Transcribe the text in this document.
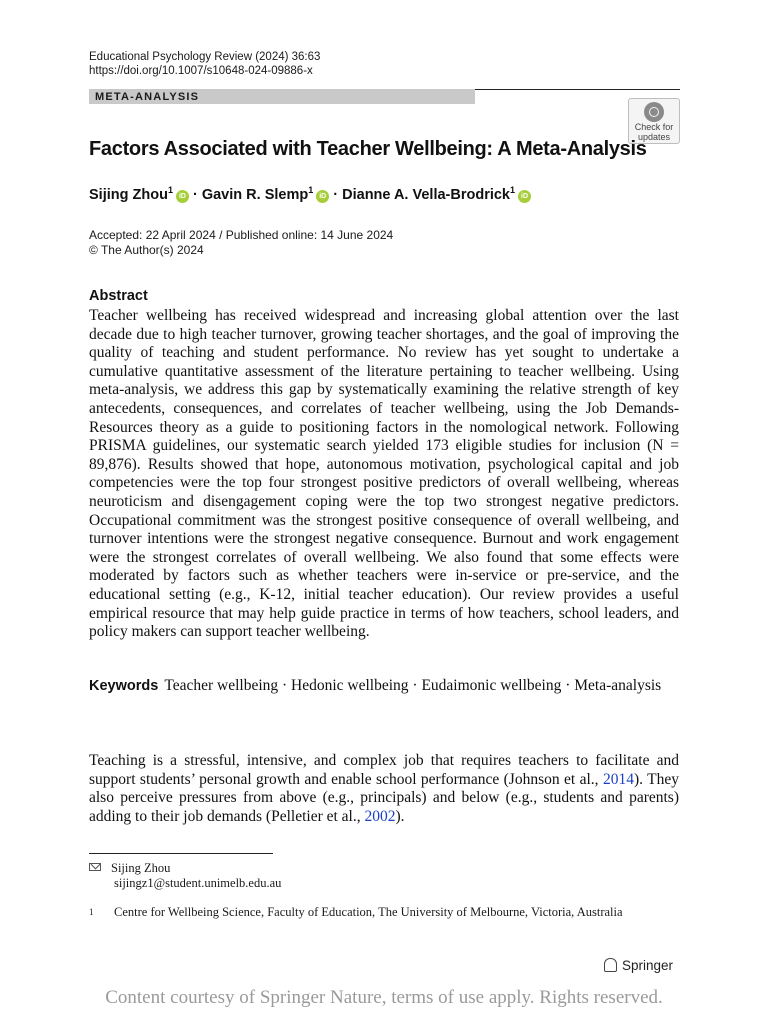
Educational Psychology Review (2024) 36:63
https://doi.org/10.1007/s10648-024-09886-x
META-ANALYSIS
Check for
updates
Factors Associated with Teacher Wellbeing: A Meta-Analysis
Sijing Zhou$^1$iD · Gavin R. Slemp$^1$iD · Dianne A. Vella-Brodrick$^1$iD
Accepted: 22 April 2024 / Published online: 14 June 2024
© The Author(s) 2024
Abstract
Teacher wellbeing has received widespread and increasing global attention over the last decade due to high teacher turnover, growing teacher shortages, and the goal of improving the quality of teaching and student performance. No review has yet sought to undertake a cumulative quantitative assessment of the literature pertaining to teacher wellbeing. Using meta-analysis, we address this gap by systematically examining the relative strength of key antecedents, consequences, and correlates of teacher wellbeing, using the Job Demands-Resources theory as a guide to positioning factors in the nomological network. Following PRISMA guidelines, our systematic search yielded 173 eligible studies for inclusion (N = 89,876). Results showed that hope, autonomous motivation, psychological capital and job competencies were the top four strongest positive predictors of overall wellbeing, whereas neuroticism and disengagement coping were the top two strongest negative predictors. Occupational commitment was the strongest positive consequence of overall wellbeing, and turnover intentions were the strongest negative consequence. Burnout and work engagement were the strongest correlates of overall wellbeing. We also found that some effects were moderated by factors such as whether teachers were in-service or pre-service, and the educational setting (e.g., K-12, initial teacher education). Our review provides a useful empirical resource that may help guide practice in terms of how teachers, school leaders, and policy makers can support teacher wellbeing.
Keywords Teacher wellbeing · Hedonic wellbeing · Eudaimonic wellbeing · Meta-analysis
Teaching is a stressful, intensive, and complex job that requires teachers to facilitate and support students’ personal growth and enable school performance (Johnson et al., 2014). They also perceive pressures from above (e.g., principals) and below (e.g., students and parents) adding to their job demands (Pelletier et al., 2002).
Sijing Zhou
sijingz1@student.unimelb.edu.au
1	Centre for Wellbeing Science, Faculty of Education, The University of Melbourne, Victoria, Australia
Springer
Content courtesy of Springer Nature, terms of use apply. Rights reserved.
